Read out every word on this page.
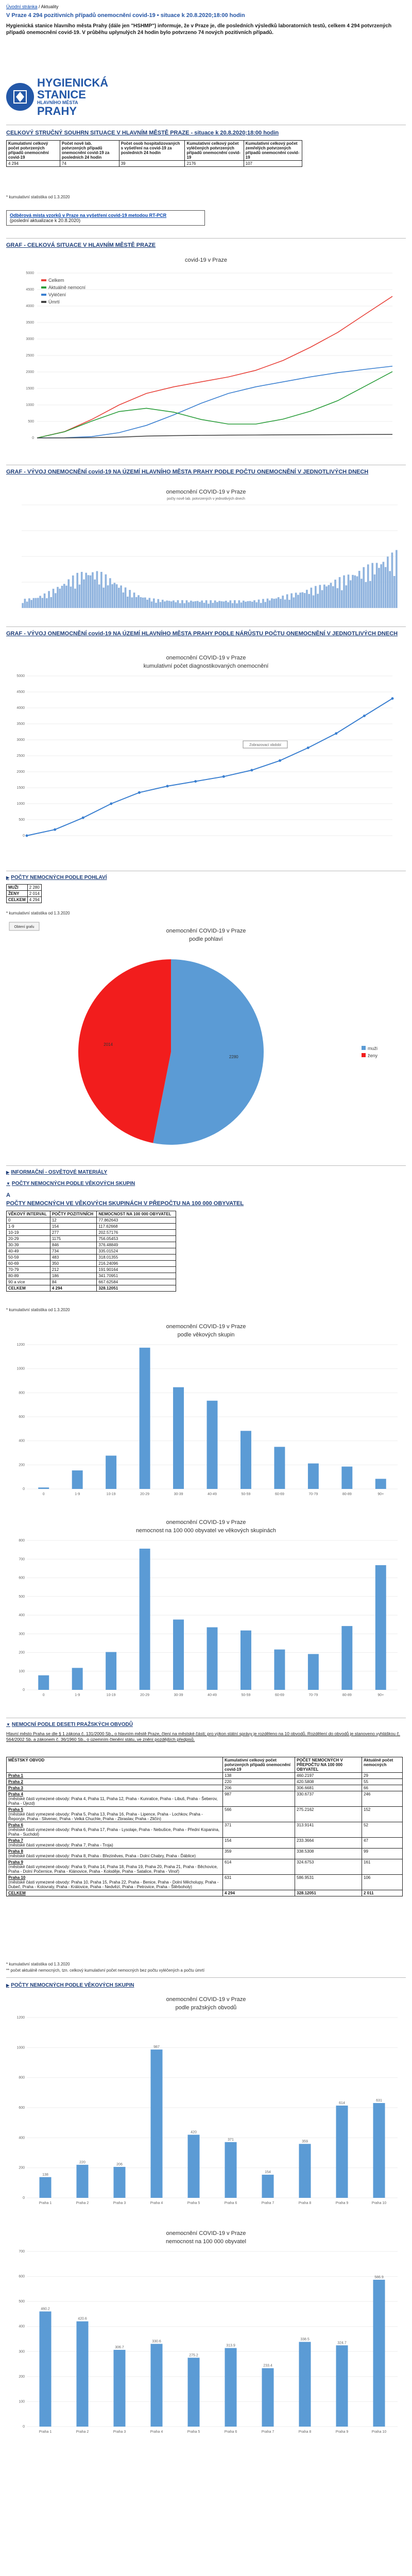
Úvodní stránka / Aktuality
V Praze 4 294 pozitivních případů onemocnění covid-19 • situace k 20.8.2020;18:00 hodin
Hygienická stanice hlavního města Prahy (dále jen "HSHMP") informuje, že v Praze je, dle posledních výsledků laboratorních testů, celkem 4 294 potvrzených případů onemocnění covid-19. V průběhu uplynulých 24 hodin bylo potvrzeno 74 nových pozitivních případů.
HYGIENICKÁ
STANICE
HLAVNÍHO MĚSTA
PRAHY
CELKOVÝ STRUČNÝ SOUHRN SITUACE V HLAVNÍM MĚSTĚ PRAZE - situace k 20.8.2020;18:00 hodin
Kumulativní celkový počet potvrzených případů onemocnění covid-19	Počet nově lab. potvrzených případů onemocnění covid-19 za posledních 24 hodin	Počet osob hospitalizovaných s vyšetření na covid-19 za posledních 24 hodin	Kumulativní celkový počet vyléčených potvrzených případů onemocnění covid-19	Kumulativní celkový počet zemřelých potvrzených případů onemocnění covid-19
4 294	74	39	2176	107
* kumulativní statistika od 1.3.2020
Odběrová místa vzorků v Praze na vyšetření covid-19 metodou RT-PCR
(poslední aktualizace k 20.8.2020)
GRAF - CELKOVÁ SITUACE V HLAVNÍM MĚSTĚ PRAZE
covid-19 v Praze
0
500
1000
1500
2000
2500
3000
3500
4000
4500
5000
Celkem
Aktuálně nemocní
Vyléčení
Úmrtí
GRAF - VÝVOJ ONEMOCNĚNÍ covid-19 NA ÚZEMÍ HLAVNÍHO MĚSTA PRAHY PODLE POČTU ONEMOCNĚNÍ V JEDNOTLIVÝCH DNECH
onemocnění COVID-19 v Praze
počty nově lab. potvrzených v jednotlivých dnech
GRAF - VÝVOJ ONEMOCNĚNÍ covid-19 NA ÚZEMÍ HLAVNÍHO MĚSTA PRAHY PODLE NÁRŮSTU POČTU ONEMOCNĚNÍ V JEDNOTLIVÝCH DNECH
onemocnění COVID-19 v Praze
kumulativní počet diagnostikovaných onemocnění
0
500
1000
1500
2000
2500
3000
3500
4000
4500
5000
Zobrazovací období
▶ POČTY NEMOCNÝCH PODLE POHLAVÍ
MUŽI	2 280
ŽENY	2 014
CELKEM	4 294
* kumulativní statistika od 1.3.2020
Obtení grafu
onemocnění COVID-19 v Praze
podle pohlaví
2280
muži
2014
ženy
▶ INFORMAČNÍ - OSVĚTOVÉ MATERIÁLY
▼ POČTY NEMOCNÝCH PODLE VĚKOVÝCH SKUPIN
A
POČTY NEMOCNÝCH VE VĚKOVÝCH SKUPINÁCH V PŘEPOČTU NA 100 000 OBYVATEL
VĚKOVÝ INTERVAL	POČTY POZITIVNÍCH	NEMOCNOST NA 100 000 OBYVATEL
0	12	77.862643
1-9	154	117.62668
10-19	277	202.57176
20-29	1175	756.05453
30-39	846	376.48849
40-49	734	335.01524
50-59	483	318.01355
60-69	350	216.24096
70-79	212	191.90164
80-89	186	341.70951
90 a více	84	667.62584
CELKEM	4 294	328.12051
* kumulativní statistika od 1.3.2020
onemocnění COVID-19 v Praze
podle věkových skupin
0
200
400
600
800
1000
1200
0	1-9	10-19	20-29	30-39	40-49	50-59	60-69	70-79	80-89	90+
onemocnění COVID-19 v Praze
nemocnost na 100 000 obyvatel ve věkových skupinách
0
100
200
300
400
500
600
700
800
0	1-9	10-19	20-29	30-39	40-49	50-59	60-69	70-79	80-89	90+
▼ NEMOCNÍ PODLE DESETI PRAŽSKÝCH OBVODŮ
Hlavní město Praha se dle § 1 zákona č. 131/2000 Sb., o hlavním městě Praze, člení na městské části; pro výkon státní správy je rozděleno na 10 obvodů. Rozdělení do obvodů je stanoveno vyhláškou č. 564/2002 Sb. a zákonem č. 36/1960 Sb., o územním členění státu, ve znění pozdějších předpisů.
MĚSTSKÝ OBVOD	Kumulativní celkový počet potvrzených případů onemocnění covid-19	POČET NEMOCNÝCH V PŘEPOČTU NA 100 000 OBYVATEL	Aktuálně počet nemocných
Praha 1	138	460.2197	29
Praha 2	220	420.5808	55
Praha 3	206	306.6681	66
Praha 4
(městské části vymezené obvody: Praha 4, Praha 11, Praha 12, Praha - Kunratice, Praha - Libuš, Praha - Šeberov, Praha - Újezd)	987	330.6737	246
Praha 5
(městské části vymezené obvody: Praha 5, Praha 13, Praha 16, Praha - Lipence, Praha - Lochkov, Praha - Řeporyje, Praha - Slivenec, Praha - Velká Chuchle, Praha - Zbraslav, Praha - Zličín)	566	275.2162	152
Praha 6
(městské části vymezené obvody: Praha 6, Praha 17, Praha - Lysolaje, Praha - Nebušice, Praha - Přední Kopanina, Praha - Suchdol)	371	313.9141	52
Praha 7
(městské části vymezené obvody: Praha 7, Praha - Troja)	154	233.3664	47
Praha 8
(městské části vymezené obvody: Praha 8, Praha - Březiněves, Praha - Dolní Chabry, Praha - Ďáblice)	359	338.5308	99
Praha 9
(městské části vymezené obvody: Praha 9, Praha 14, Praha 18, Praha 19, Praha 20, Praha 21, Praha - Běchovice, Praha - Dolní Počernice, Praha - Klánovice, Praha - Koloděje, Praha - Satalice, Praha - Vinoř)	614	324.6753	161
Praha 10
(městské části vymezené obvody: Praha 10, Praha 15, Praha 22, Praha - Benice, Praha - Dolní Měcholupy, Praha - Dubeč, Praha - Kolovraty, Praha - Královice, Praha - Nedvězí, Praha - Petrovice, Praha - Štěrboholy)	631	586.9531	106
CELKEM	4 294	328.12051	2 011
* kumulativní statistika od 1.3.2020
** počet aktuálně nemocných, tzn. celkový kumulativní počet nemocných bez počtu vyléčených a počtu úmrtí
▶ POČTY NEMOCNÝCH PODLE VĚKOVÝCH SKUPIN
onemocnění COVID-19 v Praze
podle pražských obvodů
0
200
400
600
800
1000
1200
138
Praha 1
220
Praha 2
206
Praha 3
987
Praha 4
420
Praha 5
371
Praha 6
154
Praha 7
359
Praha 8
614
Praha 9
631
Praha 10
onemocnění COVID-19 v Praze
nemocnost na 100 000 obyvatel
0
100
200
300
400
500
600
700
460.2
Praha 1
420.6
Praha 2
306.7
Praha 3
330.6
Praha 4
275.2
Praha 5
313.9
Praha 6
233.4
Praha 7
338.5
Praha 8
324.7
Praha 9
586.9
Praha 10
